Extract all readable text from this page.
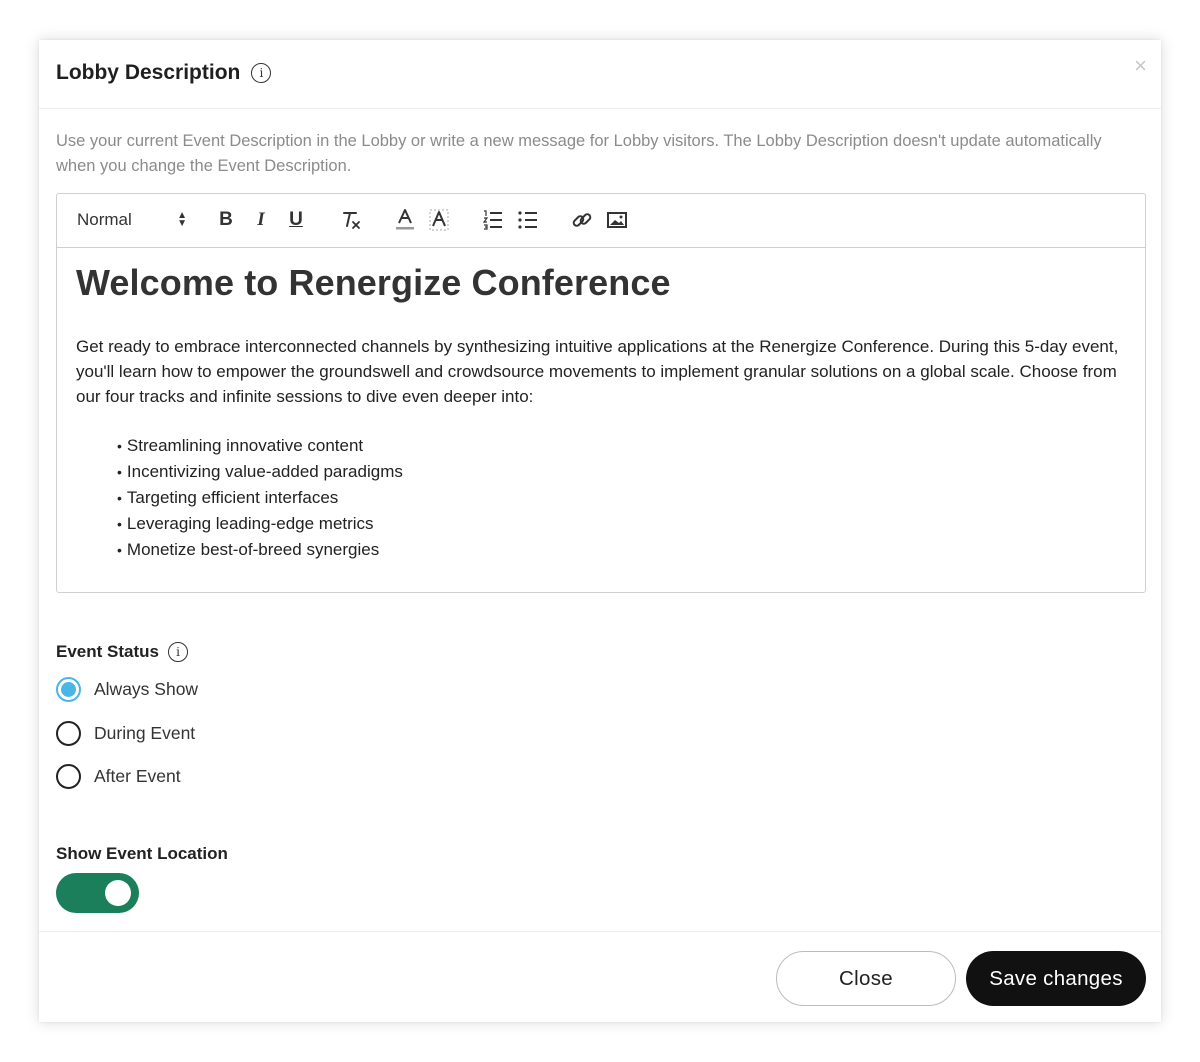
Lobby Description	i	×
Use your current Event Description in the Lobby or write a new message for Lobby visitors. The Lobby Description doesn't update automatically when you change the Event Description.
Normal	▲
▼ B	I	U
Welcome to Renergize Conference

Get ready to embrace interconnected channels by synthesizing intuitive applications at the Renergize Conference. During this 5-day event, you'll learn how to empower the groundswell and crowdsource movements to implement granular solutions on a global scale. Choose from our four tracks and infinite sessions to dive even deeper into:

• Streamlining innovative content
• Incentivizing value-added paradigms
• Targeting efficient interfaces
• Leveraging leading-edge metrics
• Monetize best-of-breed synergies
Event Status	i
Always Show
During Event
After Event
Show Event Location
Close	Save changes
